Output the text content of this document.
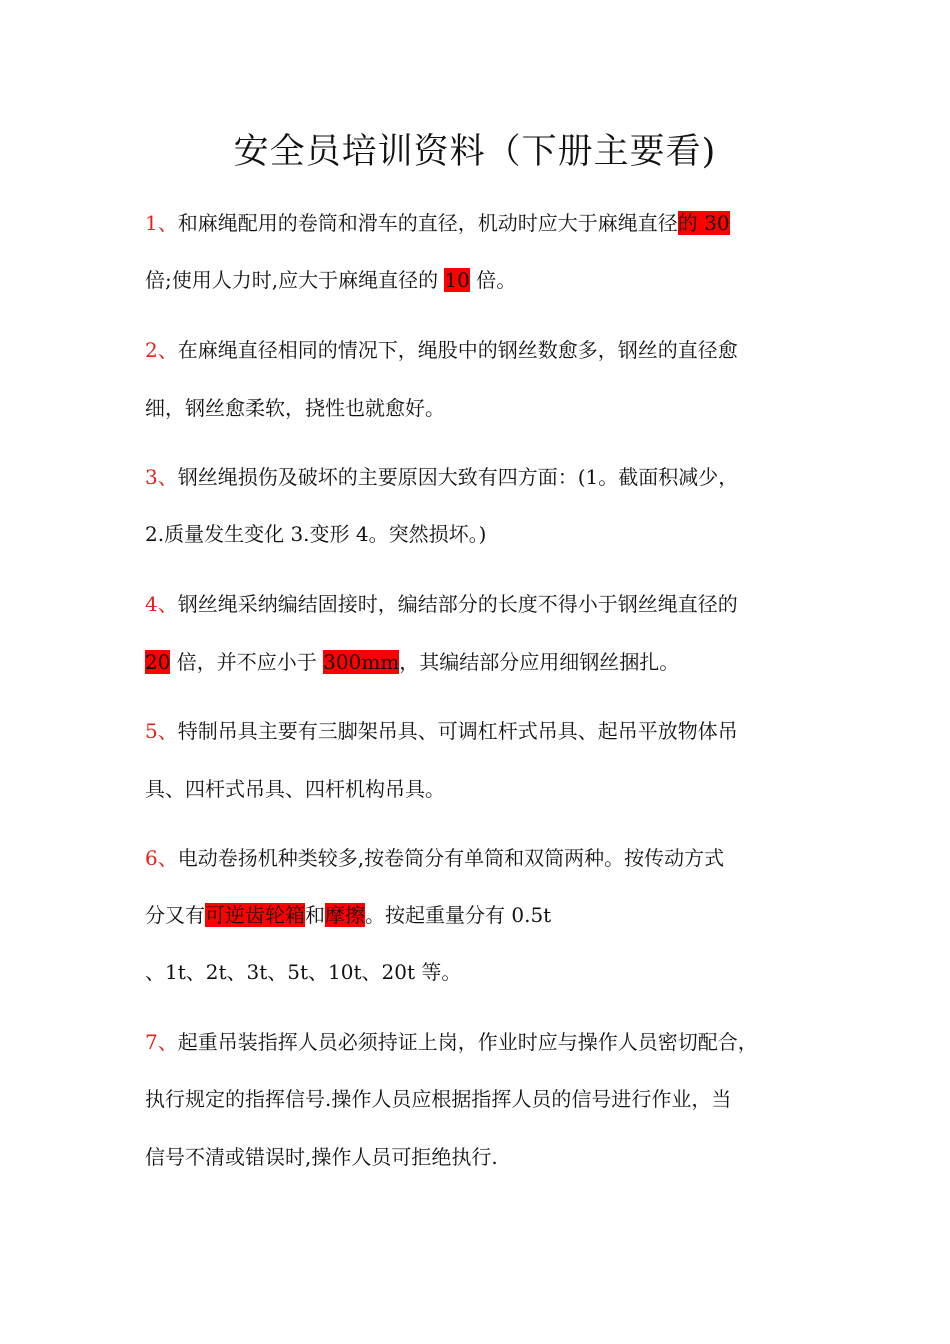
安全员培训资料（下册主要看)
1、和麻绳配用的卷筒和滑车的直径，机动时应大于麻绳直径的 30
倍;使用人力时,应大于麻绳直径的 10 倍。
2、在麻绳直径相同的情况下，绳股中的钢丝数愈多，钢丝的直径愈
细，钢丝愈柔软，挠性也就愈好。
3、钢丝绳损伤及破坏的主要原因大致有四方面：(1。截面积减少，
2.质量发生变化 3.变形 4。突然损坏。)
4、钢丝绳采纳编结固接时，编结部分的长度不得小于钢丝绳直径的
20 倍，并不应小于 300mm，其编结部分应用细钢丝捆扎。
5、特制吊具主要有三脚架吊具、可调杠杆式吊具、起吊平放物体吊
具、四杆式吊具、四杆机构吊具。
6、电动卷扬机种类较多,按卷筒分有单筒和双筒两种。按传动方式
分又有可逆齿轮箱和摩擦。按起重量分有 0.5t
、1t、2t、3t、5t、10t、20t 等。
7、起重吊装指挥人员必须持证上岗，作业时应与操作人员密切配合，
执行规定的指挥信号.操作人员应根据指挥人员的信号进行作业，当
信号不清或错误时,操作人员可拒绝执行.
